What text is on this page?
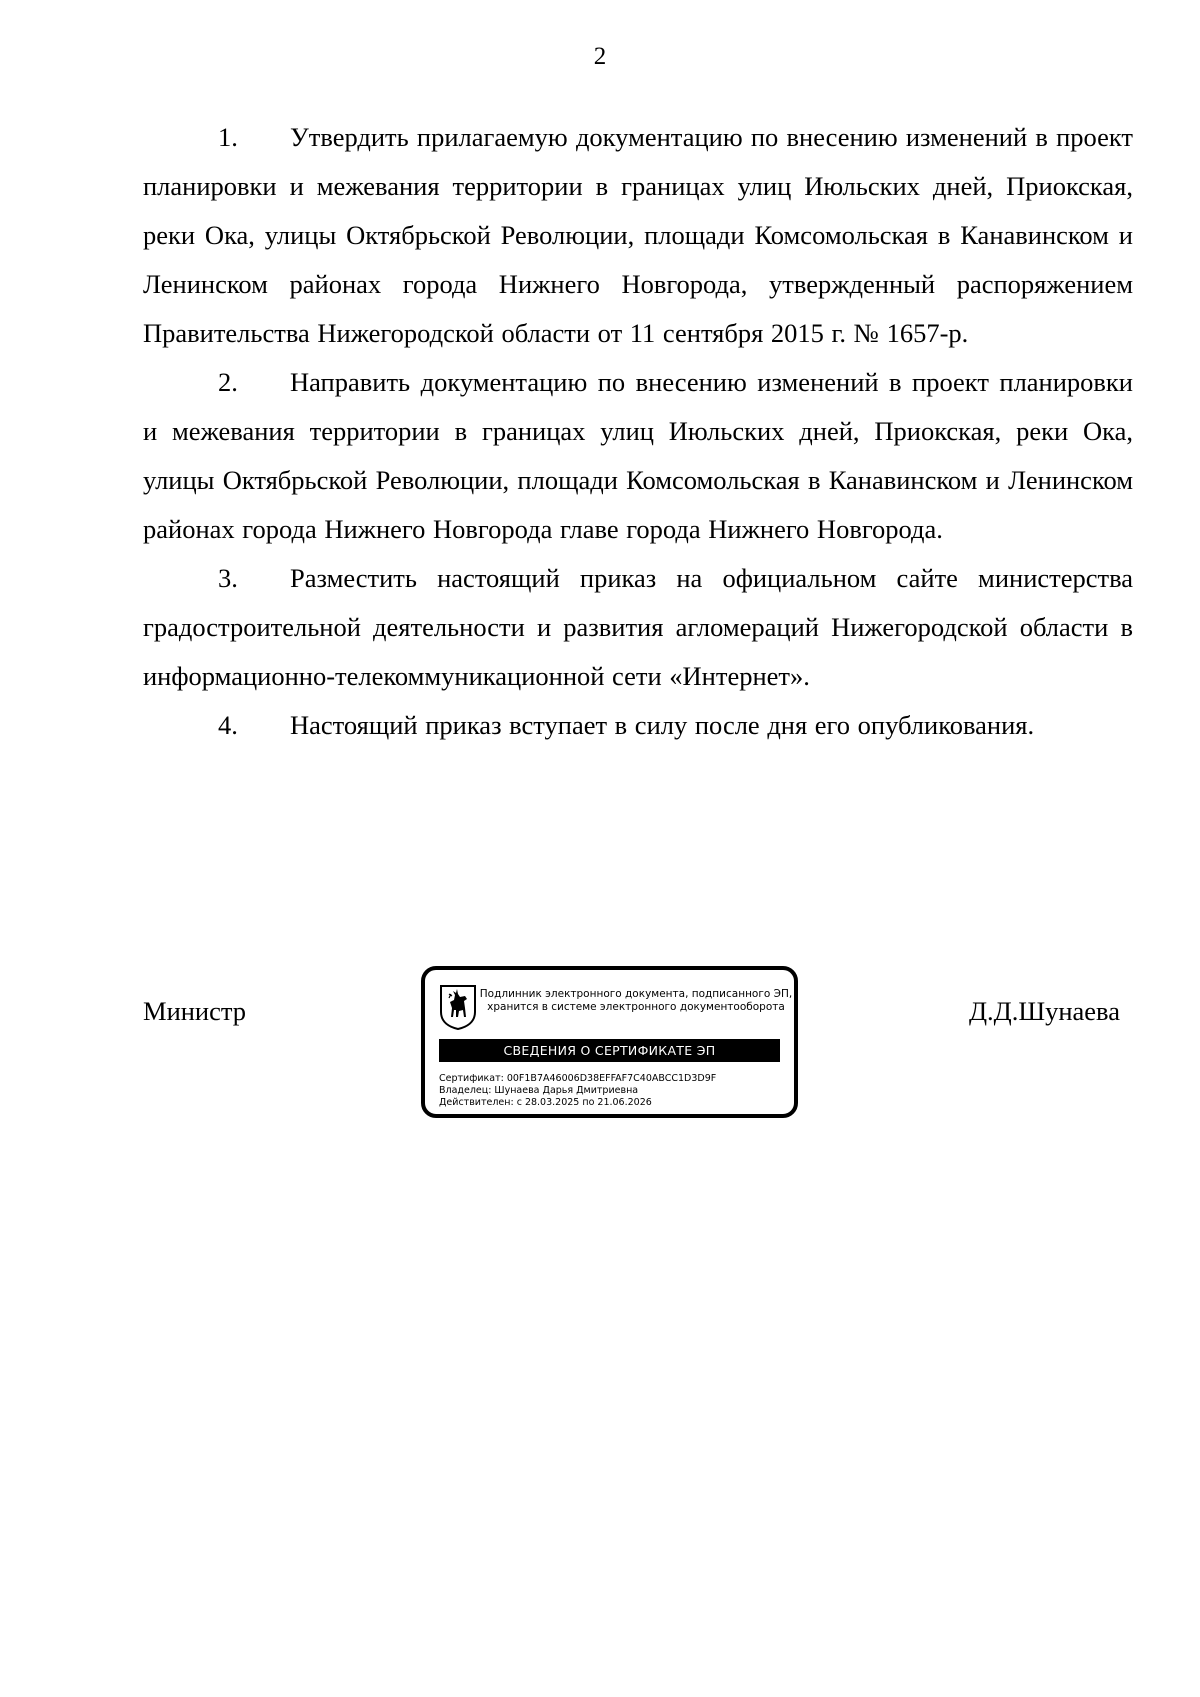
2

1. Утвердить прилагаемую документацию по внесению изменений в проект планировки и межевания территории в границах улиц Июльских дней, Приокская, реки Ока, улицы Октябрьской Революции, площади Комсомольская в Канавинском и Ленинском районах города Нижнего Новгорода, утвержденный распоряжением Правительства Нижегородской области от 11 сентября 2015 г. № 1657-р.

2. Направить документацию по внесению изменений в проект планировки и межевания территории в границах улиц Июльских дней, Приокская, реки Ока, улицы Октябрьской Революции, площади Комсомольская в Канавинском и Ленинском районах города Нижнего Новгорода главе города Нижнего Новгорода.

3. Разместить настоящий приказ на официальном сайте министерства градостроительной деятельности и развития агломераций Нижегородской области в информационно-телекоммуникационной сети «Интернет».

4. Настоящий приказ вступает в силу после дня его опубликования.

Министр
Подлинник электронного документа, подписанного ЭП,
хранится в системе электронного документооборота
СВЕДЕНИЯ О СЕРТИФИКАТЕ ЭП
Сертификат: 00F1B7A46006D38EFFAF7C40ABCC1D3D9F
Владелец: Шунаева Дарья Дмитриевна
Действителен: с 28.03.2025 по 21.06.2026
Д.Д.Шунаева
